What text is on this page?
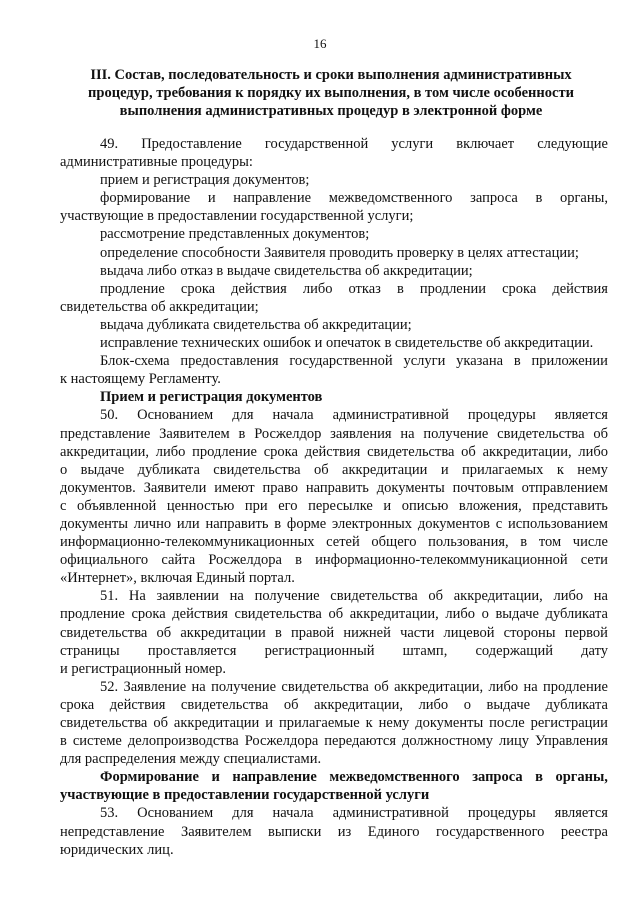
16
III. Состав, последовательность и сроки выполнения административных
процедур, требования к порядку их выполнения, в том числе особенности
выполнения административных процедур в электронной форме
49. Предоставление государственной услуги включает следующие
административные процедуры:
прием и регистрация документов;
формирование и направление межведомственного запроса в органы,
участвующие в предоставлении государственной услуги;
рассмотрение представленных документов;
определение способности Заявителя проводить проверку в целях аттестации;
выдача либо отказ в выдаче свидетельства об аккредитации;
продление срока действия либо отказ в продлении срока действия
свидетельства об аккредитации;
выдача дубликата свидетельства об аккредитации;
исправление технических ошибок и опечаток в свидетельстве об аккредитации.
Блок-схема предоставления государственной услуги указана в приложении
к настоящему Регламенту.
Прием и регистрация документов
50. Основанием для начала административной процедуры является
представление Заявителем в Росжелдор заявления на получение свидетельства об
аккредитации, либо продление срока действия свидетельства об аккредитации, либо
о выдаче дубликата свидетельства об аккредитации и прилагаемых к нему
документов. Заявители имеют право направить документы почтовым отправлением
с объявленной ценностью при его пересылке и описью вложения, представить
документы лично или направить в форме электронных документов с использованием
информационно-телекоммуникационных сетей общего пользования, в том числе
официального сайта Росжелдора в информационно-телекоммуникационной сети
«Интернет», включая Единый портал.
51. На заявлении на получение свидетельства об аккредитации, либо на
продление срока действия свидетельства об аккредитации, либо о выдаче дубликата
свидетельства об аккредитации в правой нижней части лицевой стороны первой
страницы проставляется регистрационный штамп, содержащий дату
и регистрационный номер.
52. Заявление на получение свидетельства об аккредитации, либо на продление
срока действия свидетельства об аккредитации, либо о выдаче дубликата
свидетельства об аккредитации и прилагаемые к нему документы после регистрации
в системе делопроизводства Росжелдора передаются должностному лицу Управления
для распределения между специалистами.
Формирование и направление межведомственного запроса в органы,
участвующие в предоставлении государственной услуги
53. Основанием для начала административной процедуры является
непредставление Заявителем выписки из Единого государственного реестра
юридических лиц.
